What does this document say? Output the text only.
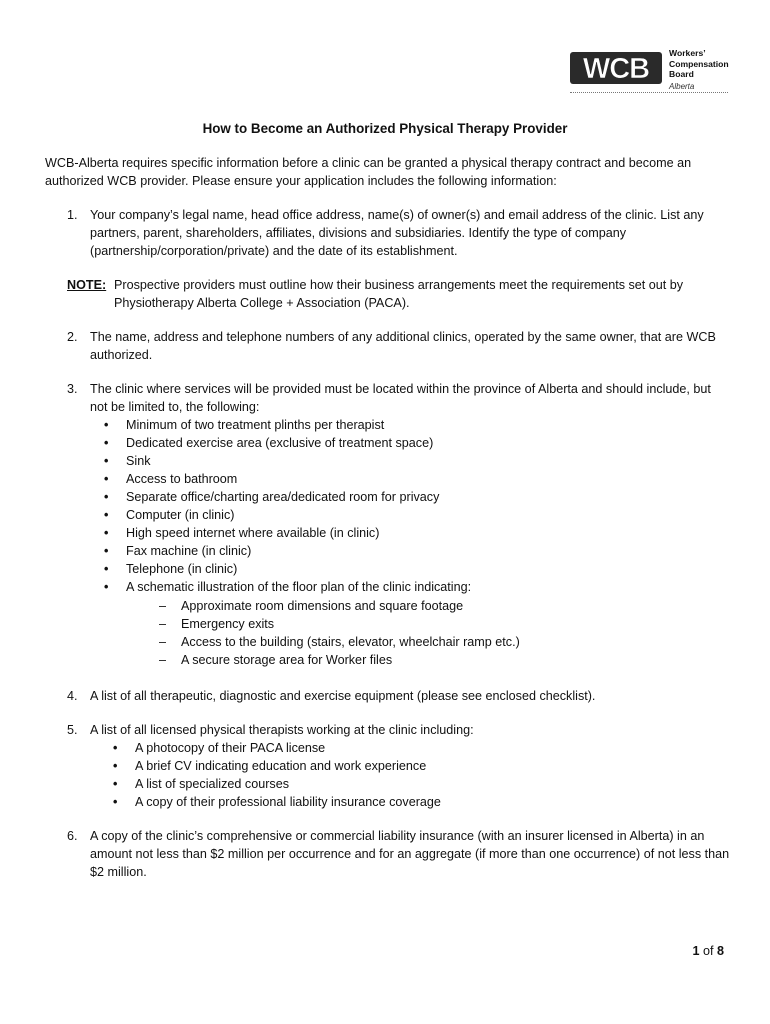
WCB Workers’
Compensation
Board
Alberta
How to Become an Authorized Physical Therapy Provider
WCB-Alberta requires specific information before a clinic can be granted a physical therapy contract and become an authorized WCB provider. Please ensure your application includes the following information:
1. Your company’s legal name, head office address, name(s) of owner(s) and email address of the clinic. List any partners, parent, shareholders, affiliates, divisions and subsidiaries. Identify the type of company (partnership/corporation/private) and the date of its establishment.
NOTE: Prospective providers must outline how their business arrangements meet the requirements set out by Physiotherapy Alberta College + Association (PACA).
2. The name, address and telephone numbers of any additional clinics, operated by the same owner, that are WCB authorized.
3. The clinic where services will be provided must be located within the province of Alberta and should include, but not be limited to, the following:
• Minimum of two treatment plinths per therapist
• Dedicated exercise area (exclusive of treatment space)
• Sink
• Access to bathroom
• Separate office/charting area/dedicated room for privacy
• Computer (in clinic)
• High speed internet where available (in clinic)
• Fax machine (in clinic)
• Telephone (in clinic)
• A schematic illustration of the floor plan of the clinic indicating:
– Approximate room dimensions and square footage
– Emergency exits
– Access to the building (stairs, elevator, wheelchair ramp etc.)
– A secure storage area for Worker files
4. A list of all therapeutic, diagnostic and exercise equipment (please see enclosed checklist).
5. A list of all licensed physical therapists working at the clinic including:
• A photocopy of their PACA license
• A brief CV indicating education and work experience
• A list of specialized courses
• A copy of their professional liability insurance coverage
6. A copy of the clinic’s comprehensive or commercial liability insurance (with an insurer licensed in Alberta) in an amount not less than $2 million per occurrence and for an aggregate (if more than one occurrence) of not less than $2 million.
1 of 8
